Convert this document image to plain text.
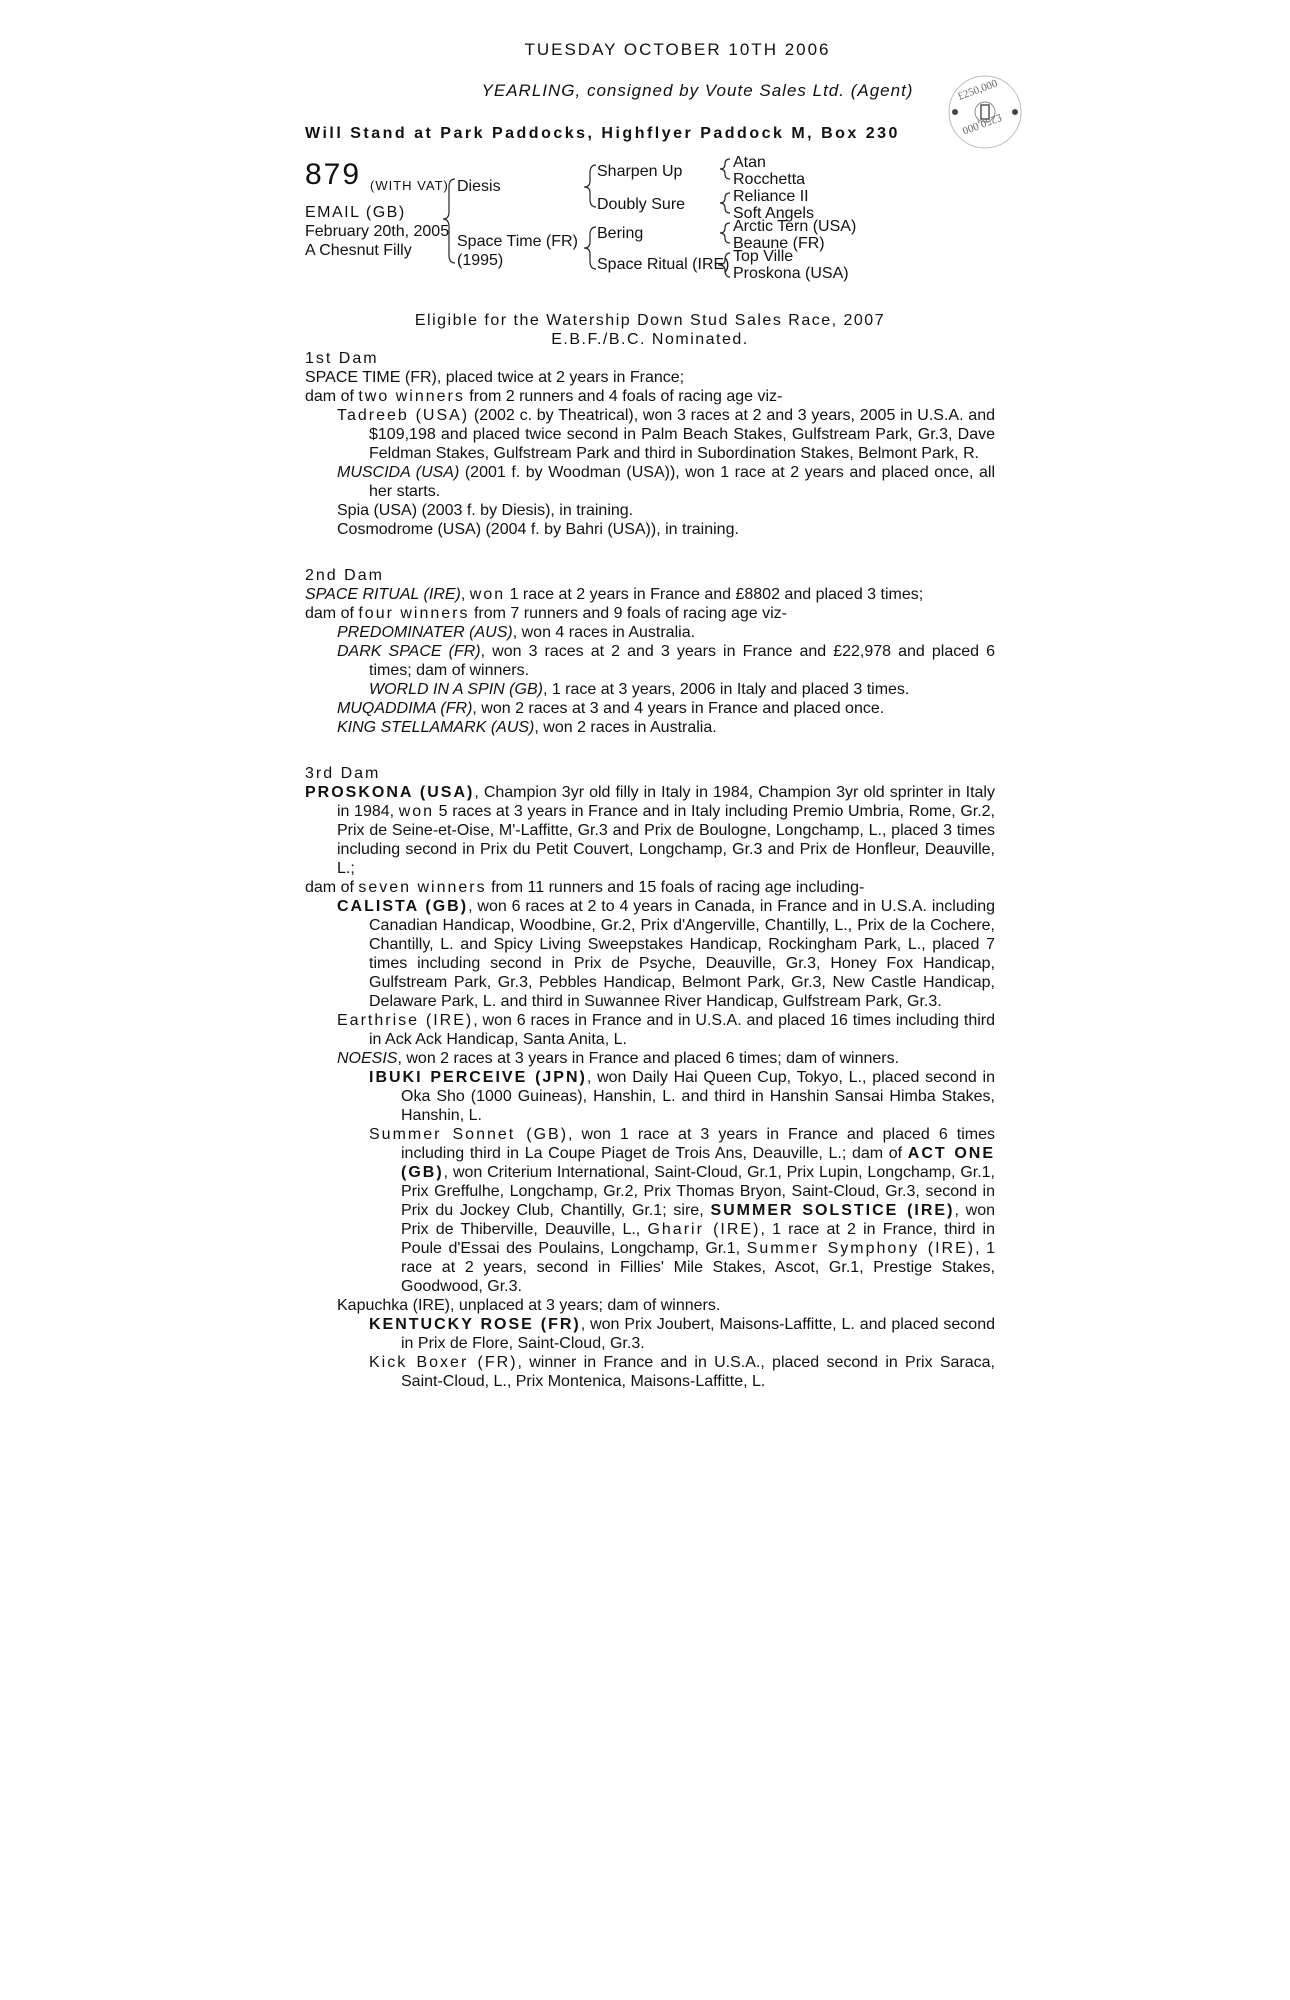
£250,000
£250,000
TUESDAY OCTOBER 10TH 2006
YEARLING, consigned by Voute Sales Ltd. (Agent)
Will Stand at Park Paddocks, Highflyer Paddock M, Box 230
879 (WITH VAT)
EMAIL (GB)
February 20th, 2005
A Chesnut Filly
Diesis
Space Time (FR)
(1995)
Sharpen Up
Doubly Sure
Bering
Space Ritual (IRE)
Atan
Rocchetta
Reliance II
Soft Angels
Arctic Tern (USA)
Beaune (FR)
Top Ville
Proskona (USA)
Eligible for the Watership Down Stud Sales Race, 2007
E.B.F./B.C. Nominated.
1st Dam

SPACE TIME (FR), placed twice at 2 years in France;

dam of two winners from 2 runners and 4 foals of racing age viz-

Tadreeb (USA) (2002 c. by Theatrical), won 3 races at 2 and 3 years, 2005 in U.S.A. and $109,198 and placed twice second in Palm Beach Stakes, Gulfstream Park, Gr.3, Dave Feldman Stakes, Gulfstream Park and third in Subordination Stakes, Belmont Park, R.

MUSCIDA (USA) (2001 f. by Woodman (USA)), won 1 race at 2 years and placed once, all her starts.

Spia (USA) (2003 f. by Diesis), in training.

Cosmodrome (USA) (2004 f. by Bahri (USA)), in training.

2nd Dam

SPACE RITUAL (IRE), won 1 race at 2 years in France and £8802 and placed 3 times;

dam of four winners from 7 runners and 9 foals of racing age viz-

PREDOMINATER (AUS), won 4 races in Australia.

DARK SPACE (FR), won 3 races at 2 and 3 years in France and £22,978 and placed 6 times; dam of winners.

WORLD IN A SPIN (GB), 1 race at 3 years, 2006 in Italy and placed 3 times.

MUQADDIMA (FR), won 2 races at 3 and 4 years in France and placed once.

KING STELLAMARK (AUS), won 2 races in Australia.

3rd Dam

PROSKONA (USA), Champion 3yr old filly in Italy in 1984, Champion 3yr old sprinter in Italy in 1984, won 5 races at 3 years in France and in Italy including Premio Umbria, Rome, Gr.2, Prix de Seine-et-Oise, M'-Laffitte, Gr.3 and Prix de Boulogne, Longchamp, L., placed 3 times including second in Prix du Petit Couvert, Longchamp, Gr.3 and Prix de Honfleur, Deauville, L.;

dam of seven winners from 11 runners and 15 foals of racing age including-

CALISTA (GB), won 6 races at 2 to 4 years in Canada, in France and in U.S.A. including Canadian Handicap, Woodbine, Gr.2, Prix d'Angerville, Chantilly, L., Prix de la Cochere, Chantilly, L. and Spicy Living Sweepstakes Handicap, Rockingham Park, L., placed 7 times including second in Prix de Psyche, Deauville, Gr.3, Honey Fox Handicap, Gulfstream Park, Gr.3, Pebbles Handicap, Belmont Park, Gr.3, New Castle Handicap, Delaware Park, L. and third in Suwannee River Handicap, Gulfstream Park, Gr.3.

Earthrise (IRE), won 6 races in France and in U.S.A. and placed 16 times including third in Ack Ack Handicap, Santa Anita, L.

NOESIS, won 2 races at 3 years in France and placed 6 times; dam of winners.

IBUKI PERCEIVE (JPN), won Daily Hai Queen Cup, Tokyo, L., placed second in Oka Sho (1000 Guineas), Hanshin, L. and third in Hanshin Sansai Himba Stakes, Hanshin, L.

Summer Sonnet (GB), won 1 race at 3 years in France and placed 6 times including third in La Coupe Piaget de Trois Ans, Deauville, L.; dam of ACT ONE (GB), won Criterium International, Saint-Cloud, Gr.1, Prix Lupin, Longchamp, Gr.1, Prix Greffulhe, Longchamp, Gr.2, Prix Thomas Bryon, Saint-Cloud, Gr.3, second in Prix du Jockey Club, Chantilly, Gr.1; sire, SUMMER SOLSTICE (IRE), won Prix de Thiberville, Deauville, L., Gharir (IRE), 1 race at 2 in France, third in Poule d'Essai des Poulains, Longchamp, Gr.1, Summer Symphony (IRE), 1 race at 2 years, second in Fillies' Mile Stakes, Ascot, Gr.1, Prestige Stakes, Goodwood, Gr.3.

Kapuchka (IRE), unplaced at 3 years; dam of winners.

KENTUCKY ROSE (FR), won Prix Joubert, Maisons-Laffitte, L. and placed second in Prix de Flore, Saint-Cloud, Gr.3.

Kick Boxer (FR), winner in France and in U.S.A., placed second in Prix Saraca, Saint-Cloud, L., Prix Montenica, Maisons-Laffitte, L.
